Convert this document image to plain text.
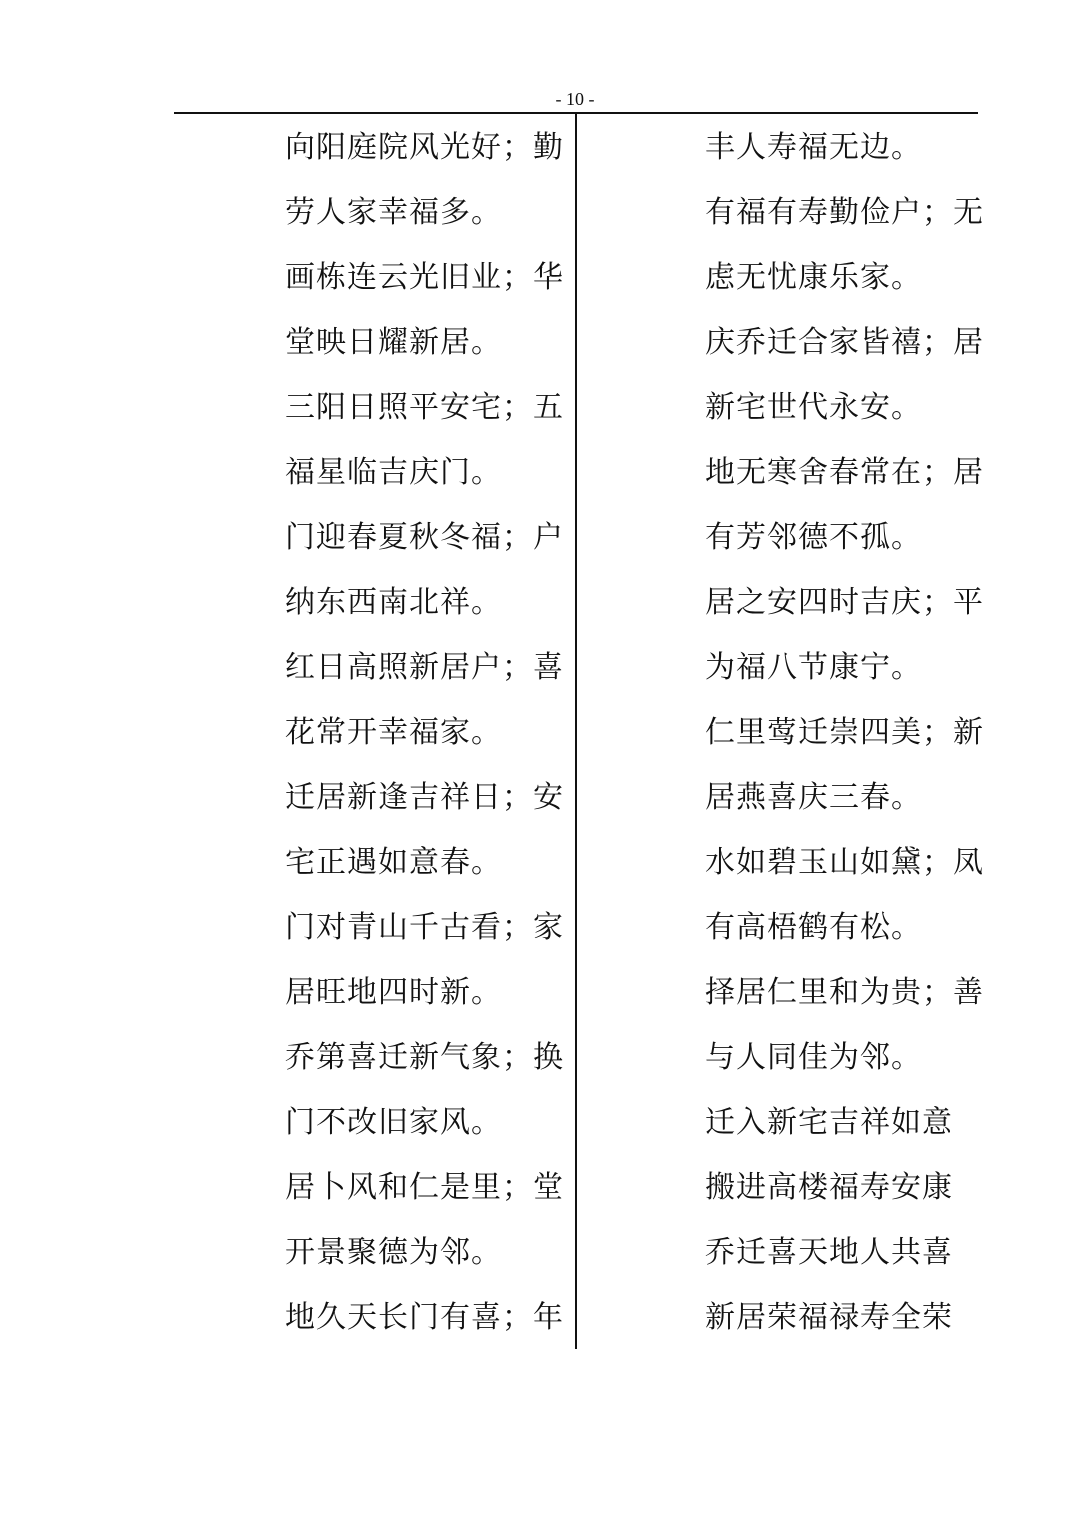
- 10 -
向阳庭院风光好；勤
劳人家幸福多。
画栋连云光旧业；华
堂映日耀新居。
三阳日照平安宅；五
福星临吉庆门。
门迎春夏秋冬福；户
纳东西南北祥。
红日高照新居户；喜
花常开幸福家。
迁居新逢吉祥日；安
宅正遇如意春。
门对青山千古看；家
居旺地四时新。
乔第喜迁新气象；换
门不改旧家风。
居卜风和仁是里；堂
开景聚德为邻。
地久天长门有喜；年
丰人寿福无边。
有福有寿勤俭户；无
虑无忧康乐家。
庆乔迁合家皆禧；居
新宅世代永安。
地无寒舍春常在；居
有芳邻德不孤。
居之安四时吉庆；平
为福八节康宁。
仁里莺迁崇四美；新
居燕喜庆三春。
水如碧玉山如黛；凤
有高梧鹤有松。
择居仁里和为贵；善
与人同佳为邻。
迁入新宅吉祥如意
搬进高楼福寿安康
乔迁喜天地人共喜
新居荣福禄寿全荣
